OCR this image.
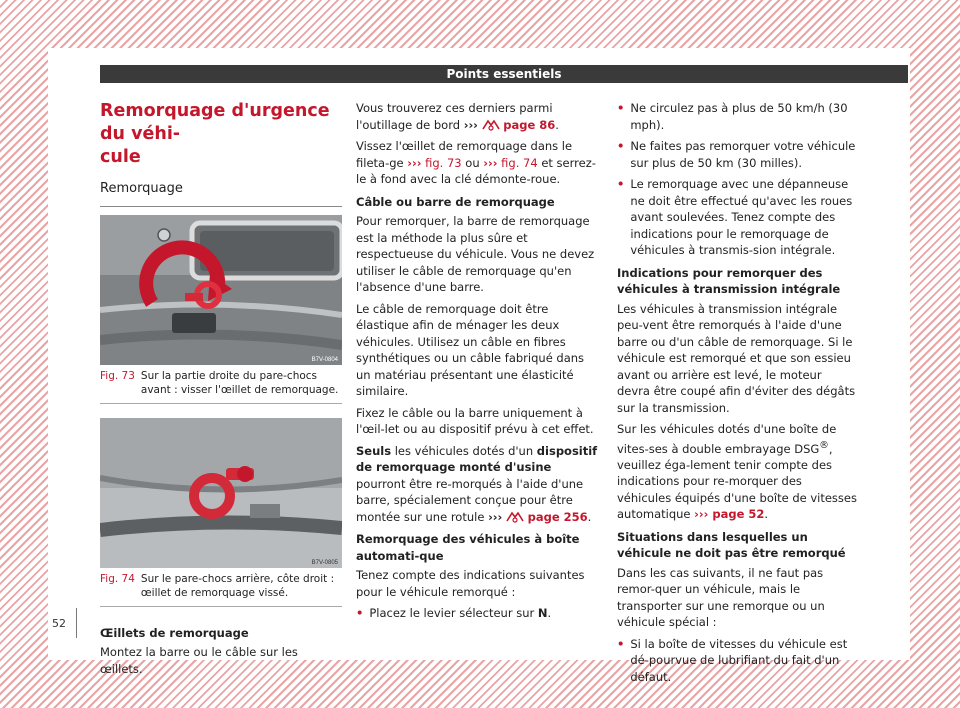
Points essentiels
Remorquage d'urgence du véhi-
cule
Remorquage
B7V-0804
Fig. 73 Sur la partie droite du pare-chocs avant : visser l'œillet de remorquage.
B7V-0805
Fig. 74 Sur le pare-chocs arrière, côte droit : œillet de remorquage vissé.
Œillets de remorquage

Montez la barre ou le câble sur les œillets.

Vous trouverez ces derniers parmi l'outillage de bord ››› page 86.

Vissez l'œillet de remorquage dans le fileta-ge ››› fig. 73 ou ››› fig. 74 et serrez-le à fond avec la clé démonte-roue.

Câble ou barre de remorquage

Pour remorquer, la barre de remorquage est la méthode la plus sûre et respectueuse du véhicule. Vous ne devez utiliser le câble de remorquage qu'en l'absence d'une barre.

Le câble de remorquage doit être élastique afin de ménager les deux véhicules. Utilisez un câble en fibres synthétiques ou un câble fabriqué dans un matériau présentant une élasticité similaire.

Fixez le câble ou la barre uniquement à l'œil-let ou au dispositif prévu à cet effet.

Seuls les véhicules dotés d'un dispositif de remorquage monté d'usine pourront être re-morqués à l'aide d'une barre, spécialement conçue pour être montée sur une rotule ››› page 256.

Remorquage des véhicules à boîte automati-que

Tenez compte des indications suivantes pour le véhicule remorqué :

• Placez le levier sélecteur sur N.
• Ne circulez pas à plus de 50 km/h (30 mph).
• Ne faites pas remorquer votre véhicule sur plus de 50 km (30 milles).
• Le remorquage avec une dépanneuse ne doit être effectué qu'avec les roues avant soulevées. Tenez compte des indications pour le remorquage de véhicules à transmis-sion intégrale.
Indications pour remorquer des véhicules à transmission intégrale

Les véhicules à transmission intégrale peu-vent être remorqués à l'aide d'une barre ou d'un câble de remorquage. Si le véhicule est remorqué et que son essieu avant ou arrière est levé, le moteur devra être coupé afin d'éviter des dégâts sur la transmission.

Sur les véhicules dotés d'une boîte de vites-ses à double embrayage DSG®, veuillez éga-lement tenir compte des indications pour re-morquer des véhicules équipés d'une boîte de vitesses automatique ››› page 52.

Situations dans lesquelles un véhicule ne doit pas être remorqué

Dans les cas suivants, il ne faut pas remor-quer un véhicule, mais le transporter sur une remorque ou un véhicule spécial :

• Si la boîte de vitesses du véhicule est dé-pourvue de lubrifiant du fait d'un défaut.
52
